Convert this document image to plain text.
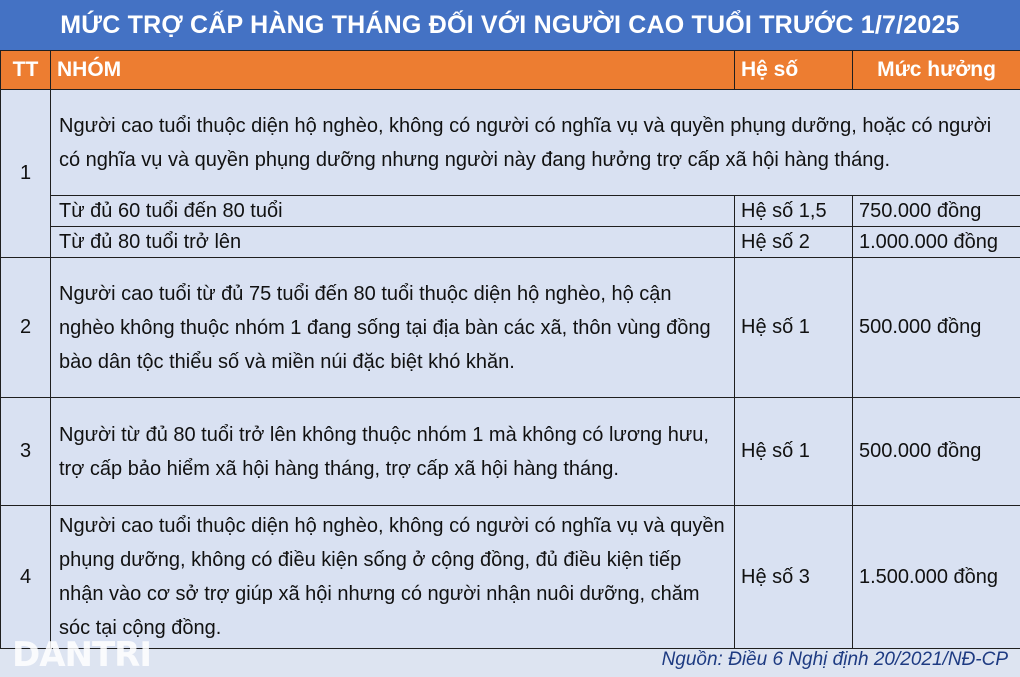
MỨC TRỢ CẤP HÀNG THÁNG ĐỐI VỚI NGƯỜI CAO TUỔI TRƯỚC 1/7/2025
TT	NHÓM	Hệ số	Mức hưởng
1	Người cao tuổi thuộc diện hộ nghèo, không có người có nghĩa vụ và quyền phụng dưỡng, hoặc có người có nghĩa vụ và quyền phụng dưỡng nhưng người này đang hưởng trợ cấp xã hội hàng tháng.		
	Từ đủ 60 tuổi đến 80 tuổi	Hệ số 1,5	750.000 đồng
	Từ đủ 80 tuổi trở lên	Hệ số 2	1.000.000 đồng
2	Người cao tuổi từ đủ 75 tuổi đến 80 tuổi thuộc diện hộ nghèo, hộ cận nghèo không thuộc nhóm 1 đang sống tại địa bàn các xã, thôn vùng đồng bào dân tộc thiểu số và miền núi đặc biệt khó khăn.	Hệ số 1	500.000 đồng
3	Người từ đủ 80 tuổi trở lên không thuộc nhóm 1 mà không có lương hưu, trợ cấp bảo hiểm xã hội hàng tháng, trợ cấp xã hội hàng tháng.	Hệ số 1	500.000 đồng
4	Người cao tuổi thuộc diện hộ nghèo, không có người có nghĩa vụ và quyền phụng dưỡng, không có điều kiện sống ở cộng đồng, đủ điều kiện tiếp nhận vào cơ sở trợ giúp xã hội nhưng có người nhận nuôi dưỡng, chăm sóc tại cộng đồng.	Hệ số 3	1.500.000 đồng
DANTRI	Nguồn: Điều 6 Nghị định 20/2021/NĐ-CP
